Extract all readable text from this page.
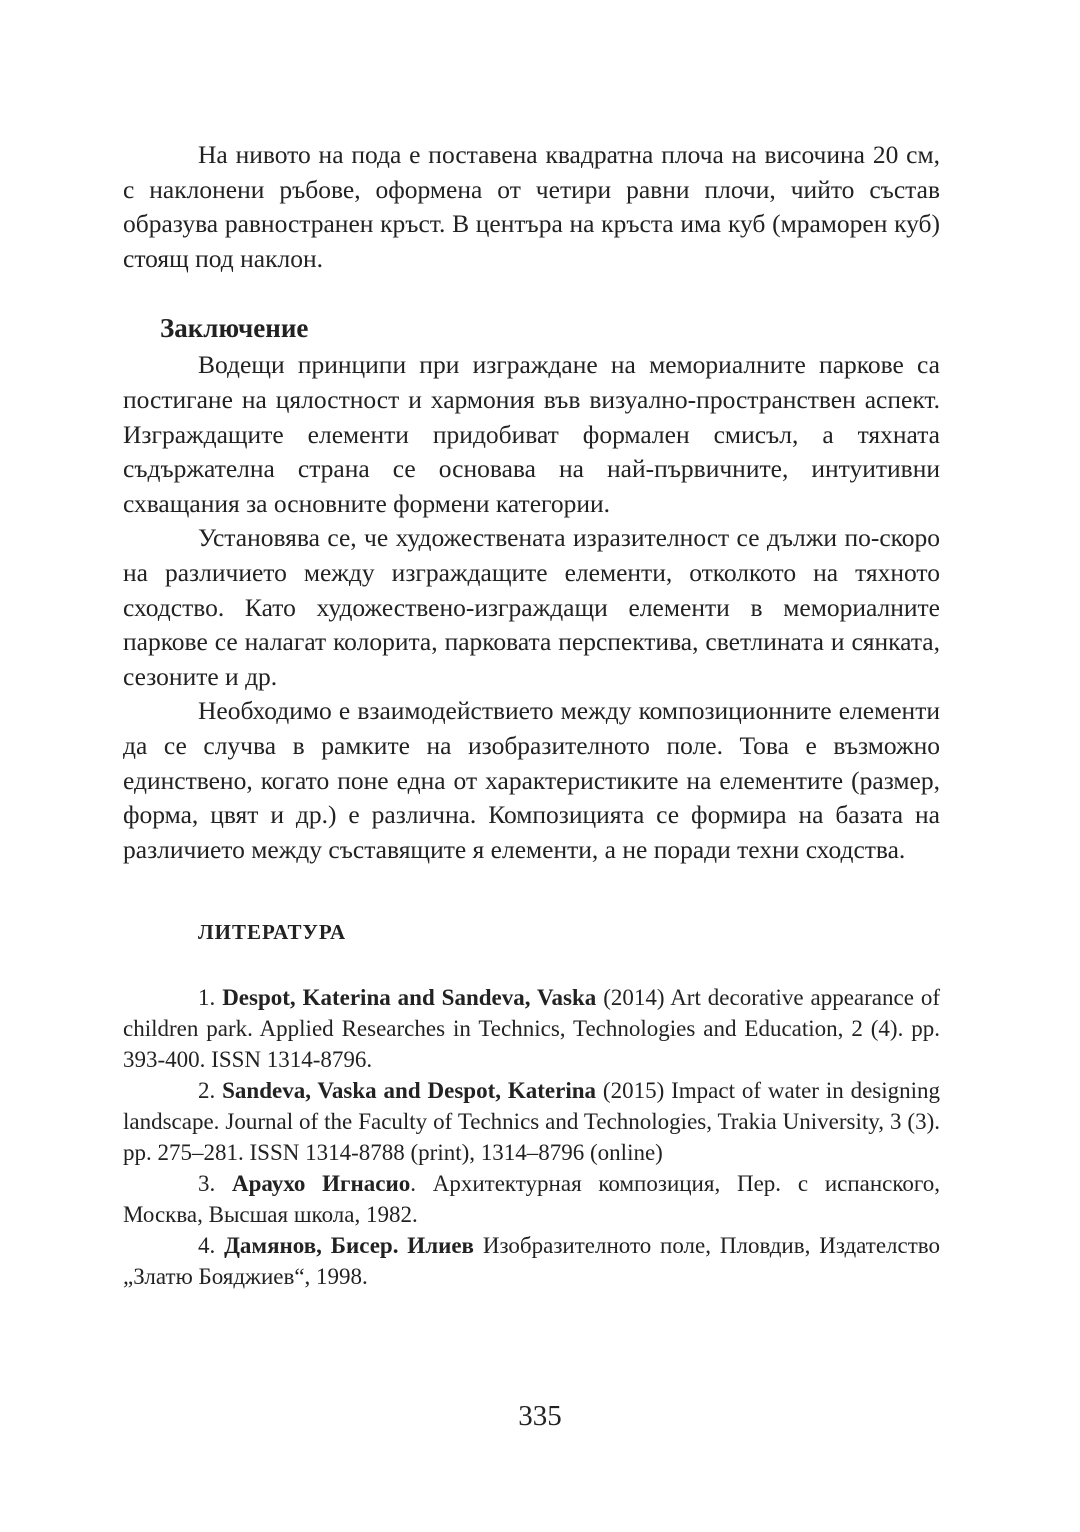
На нивото на пода е поставена квадратна плоча на височина 20 см, с наклонени ръбове, оформена от четири равни плочи, чийто състав образува равностранен кръст. В центъра на кръста има куб (мраморен куб) стоящ под наклон.

Заключение

Водещи принципи при изграждане на мемориалните паркове са постигане на цялостност и хармония във визуално-пространствен аспект. Изграждащите елементи придобиват формален смисъл, а тяхната съдържателна страна се основава на най-първичните, интуитивни схващания за основните формени категории.

Установява се, че художествената изразителност се дължи по-скоро на различието между изграждащите елементи, отколкото на тяхното сходство. Като художествено-изграждащи елементи в мемориалните паркове се налагат колорита, парковата перспектива, светлината и сянката, сезоните и др.

Необходимо е взаимодействието между композиционните елементи да се случва в рамките на изобразителното поле. Това е възможно единствено, когато поне една от характеристиките на елементите (размер, форма, цвят и др.) е различна. Композицията се формира на базата на различието между съставящите я елементи, а не поради техни сходства.

ЛИТЕРАТУРА

1. Despot, Katerina and Sandeva, Vaska (2014) Art decorative appearance of children park. Applied Researches in Technics, Technologies and Education, 2 (4). pp. 393-400. ISSN 1314-8796.

2. Sandeva, Vaska and Despot, Katerina (2015) Impact of water in designing landscape. Journal of the Faculty of Technics and Technologies, Trakia University, 3 (3). pp. 275–281. ISSN 1314-8788 (print), 1314–8796 (online)

3. Араухо Игнасио. Архитектурная композиция, Пер. с испанского, Москва, Высшая школа, 1982.

4. Дамянов, Бисер. Илиев Изобразителното поле, Пловдив, Издателство „Златю Бояджиев“, 1998.

335
